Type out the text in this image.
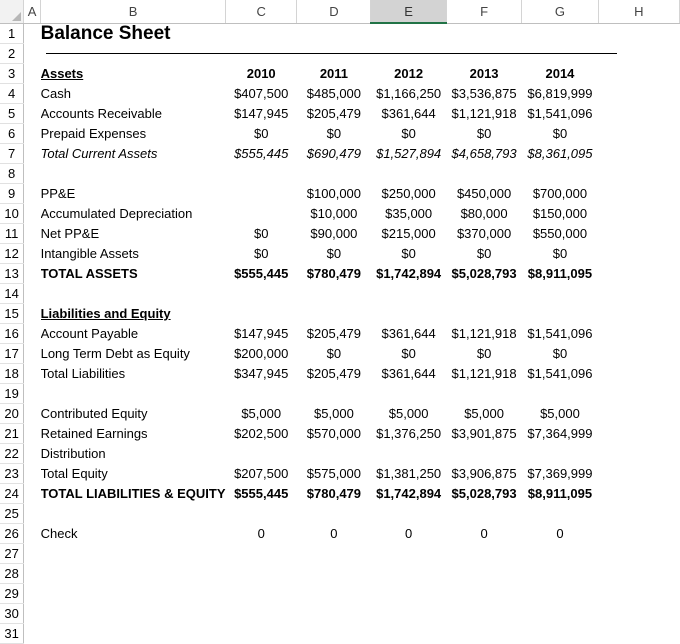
	A	B	C	D	E	F	G	H
1		Balance Sheet						
2								
3		Assets	2010	2011	2012	2013	2014	
4		Cash	$407,500	$485,000	$1,166,250	$3,536,875	$6,819,999	
5		Accounts Receivable	$147,945	$205,479	$361,644	$1,121,918	$1,541,096	
6		Prepaid Expenses	$0	$0	$0	$0	$0	
7		Total Current Assets	$555,445	$690,479	$1,527,894	$4,658,793	$8,361,095	
8								
9		PP&E		$100,000	$250,000	$450,000	$700,000	
10		Accumulated Depreciation		$10,000	$35,000	$80,000	$150,000	
11		Net PP&E	$0	$90,000	$215,000	$370,000	$550,000	
12		Intangible Assets	$0	$0	$0	$0	$0	
13		TOTAL ASSETS	$555,445	$780,479	$1,742,894	$5,028,793	$8,911,095	
14								
15		Liabilities and Equity						
16		Account Payable	$147,945	$205,479	$361,644	$1,121,918	$1,541,096	
17		Long Term Debt as Equity	$200,000	$0	$0	$0	$0	
18		Total Liabilities	$347,945	$205,479	$361,644	$1,121,918	$1,541,096	
19								
20		Contributed Equity	$5,000	$5,000	$5,000	$5,000	$5,000	
21		Retained Earnings	$202,500	$570,000	$1,376,250	$3,901,875	$7,364,999	
22		Distribution						
23		Total Equity	$207,500	$575,000	$1,381,250	$3,906,875	$7,369,999	
24		TOTAL LIABILITIES & EQUITY	$555,445	$780,479	$1,742,894	$5,028,793	$8,911,095	
25								
26		Check	0	0	0	0	0	
27								
28								
29								
30								
31								
